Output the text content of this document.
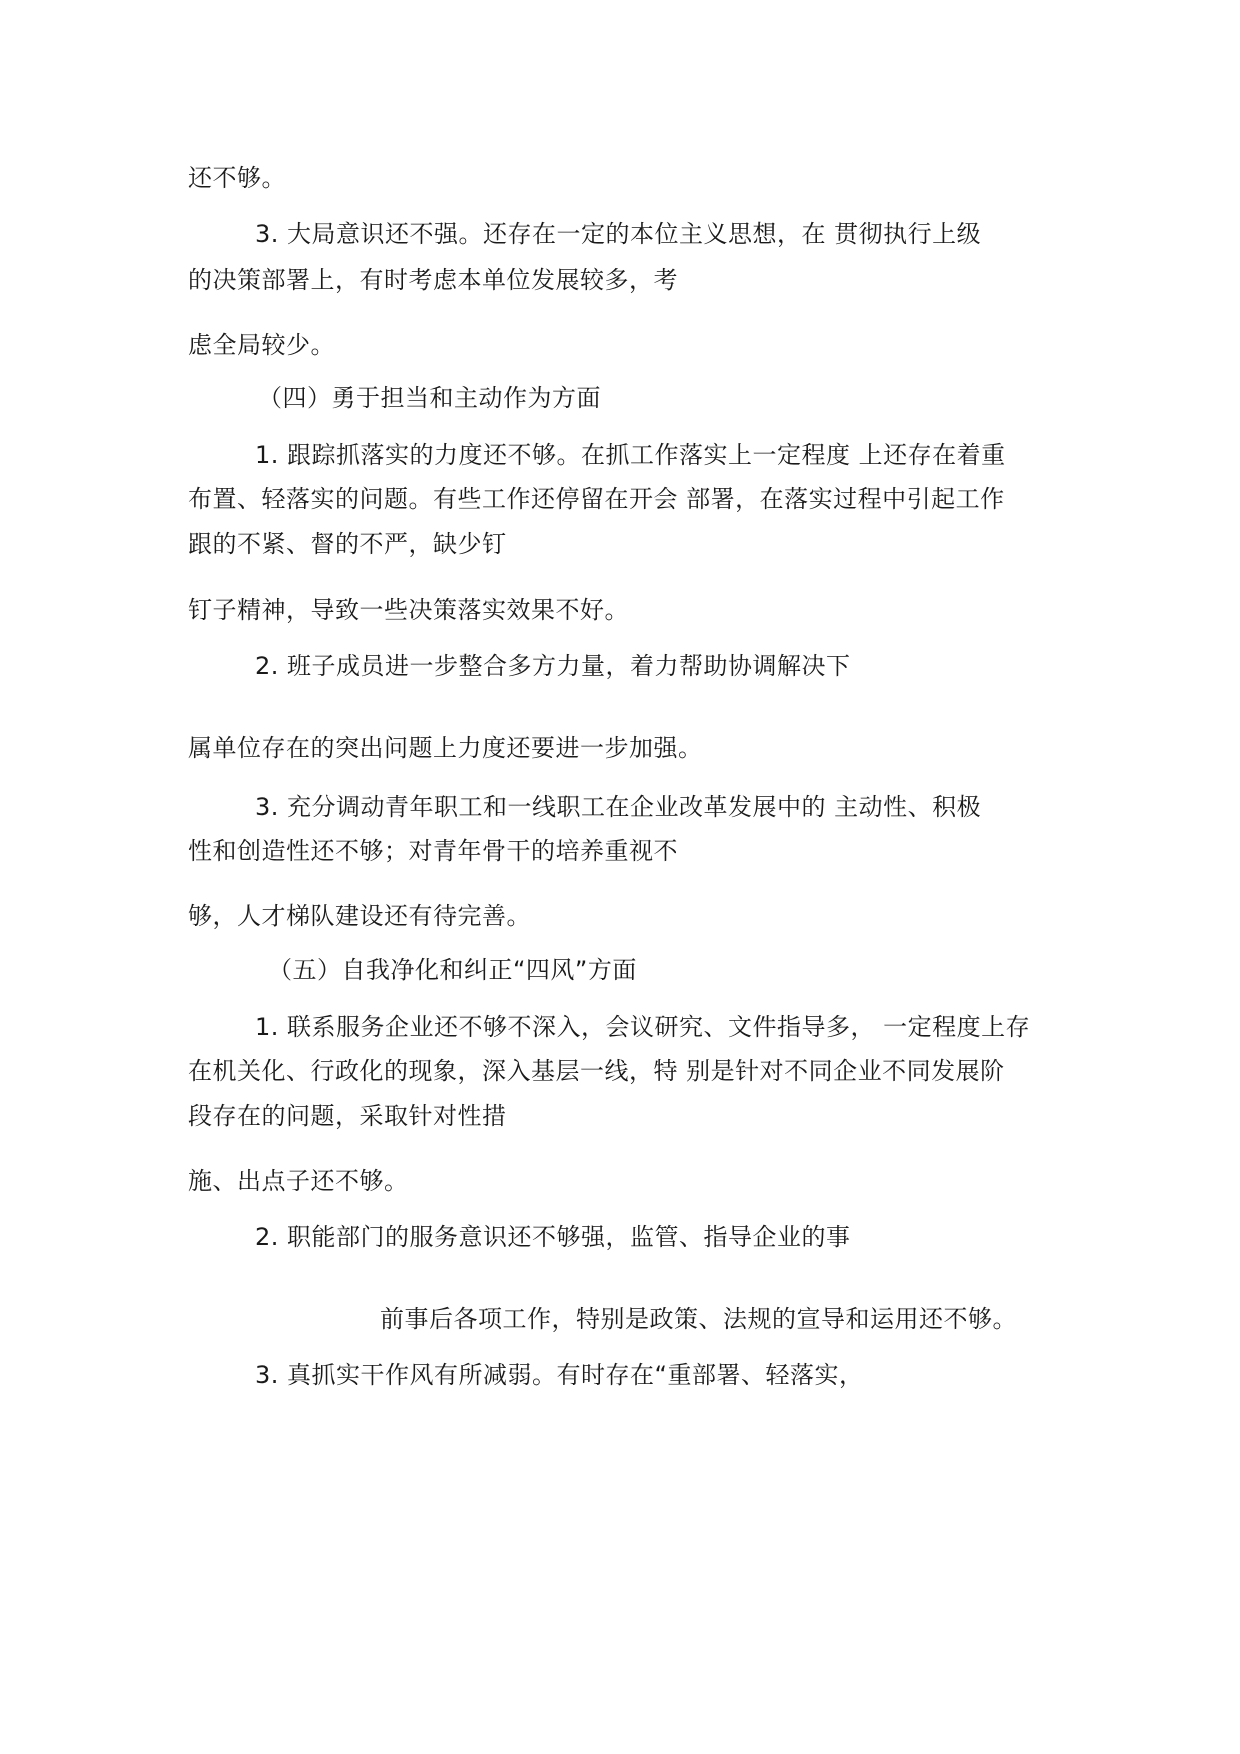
还不够。
3. 大局意识还不强。还存在一定的本位主义思想，在 贯彻执行上级
的决策部署上，有时考虑本单位发展较多，考
虑全局较少。
（四）勇于担当和主动作为方面
1. 跟踪抓落实的力度还不够。在抓工作落实上一定程度 上还存在着重
布置、轻落实的问题。有些工作还停留在开会 部署，在落实过程中引起工作
跟的不紧、督的不严，缺少钉
钉子精神，导致一些决策落实效果不好。
2. 班子成员进一步整合多方力量，着力帮助协调解决下
属单位存在的突出问题上力度还要进一步加强。
3. 充分调动青年职工和一线职工在企业改革发展中的 主动性、积极
性和创造性还不够；对青年骨干的培养重视不
够，人才梯队建设还有待完善。
（五）自我净化和纠正“四风”方面
1. 联系服务企业还不够不深入，会议研究、文件指导多， 一定程度上存
在机关化、行政化的现象，深入基层一线，特 别是针对不同企业不同发展阶
段存在的问题，采取针对性措
施、出点子还不够。
2. 职能部门的服务意识还不够强，监管、指导企业的事
前事后各项工作，特别是政策、法规的宣导和运用还不够。
3. 真抓实干作风有所减弱。有时存在“重部署、轻落实，
